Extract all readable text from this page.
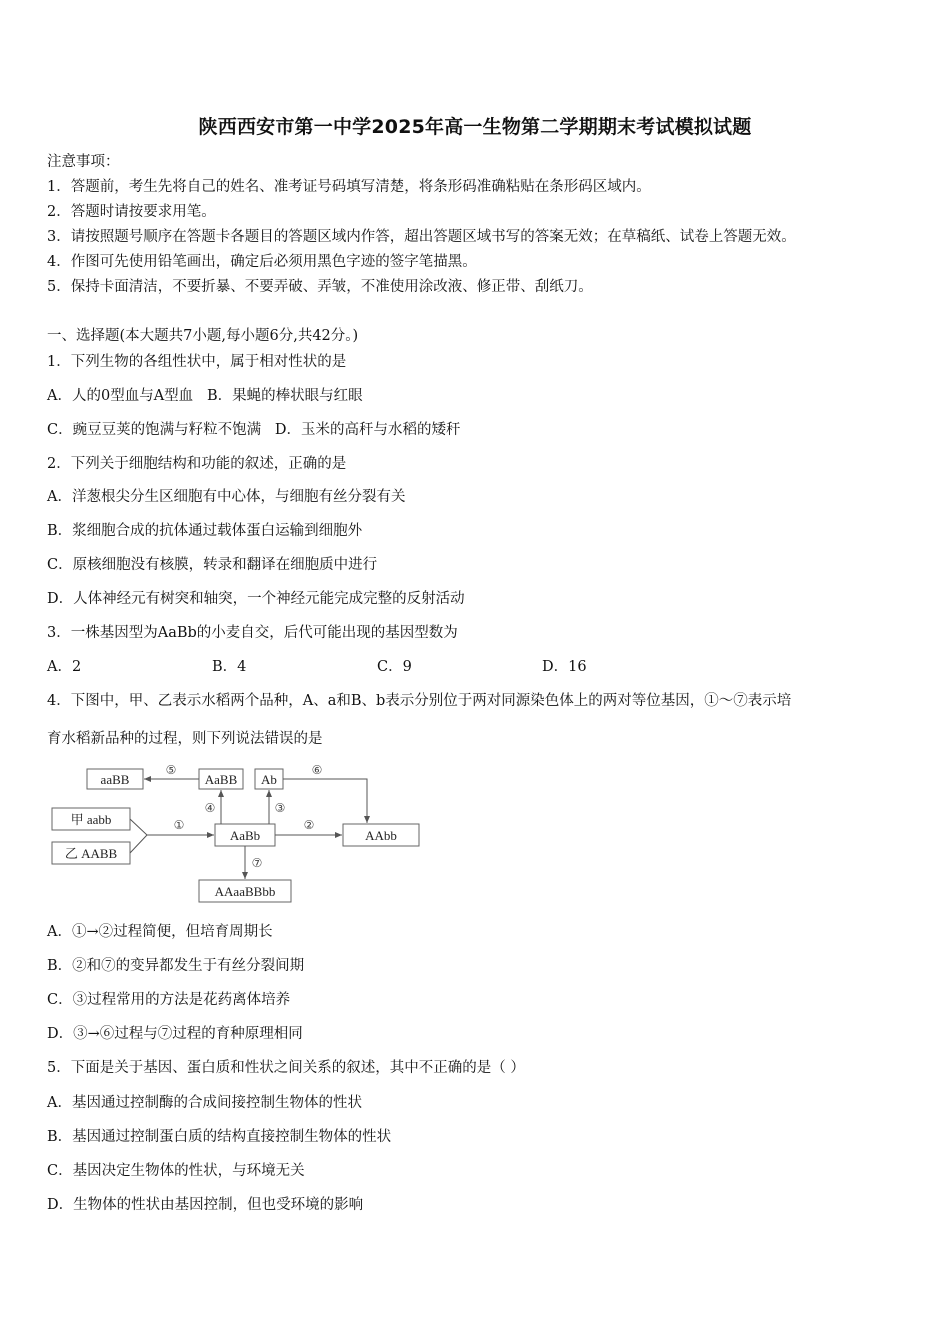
陕西西安市第一中学2025年高一生物第二学期期末考试模拟试题
注意事项：
1．答题前，考生先将自己的姓名、准考证号码填写清楚，将条形码准确粘贴在条形码区域内。
2．答题时请按要求用笔。
3．请按照题号顺序在答题卡各题目的答题区域内作答，超出答题区域书写的答案无效；在草稿纸、试卷上答题无效。
4．作图可先使用铅笔画出，确定后必须用黑色字迹的签字笔描黑。
5．保持卡面清洁，不要折暴、不要弄破、弄皱，不准使用涂改液、修正带、刮纸刀。
一、选择题(本大题共7小题,每小题6分,共42分。)
1．下列生物的各组性状中，属于相对性状的是
A．人的0型血与A型血 B．果蝇的棒状眼与红眼
C．豌豆豆荚的饱满与籽粒不饱满 D．玉米的高秆与水稻的矮秆
2．下列关于细胞结构和功能的叙述，正确的是
A．洋葱根尖分生区细胞有中心体，与细胞有丝分裂有关
B．浆细胞合成的抗体通过载体蛋白运输到细胞外
C．原核细胞没有核膜，转录和翻译在细胞质中进行
D．人体神经元有树突和轴突，一个神经元能完成完整的反射活动
3．一株基因型为AaBb的小麦自交，后代可能出现的基因型数为
A．2	B．4	C．9	D．16
4．下图中，甲、乙表示水稻两个品种，A、a和B、b表示分别位于两对同源染色体上的两对等位基因，①～⑦表示培
育水稻新品种的过程，则下列说法错误的是
aaBB	AaBB Ab
甲 aabb
乙 AABB
AaBb	AAbb
AAaaBBbb
①	②
③
④
⑤	⑥
⑦
A．①→②过程简便，但培育周期长
B．②和⑦的变异都发生于有丝分裂间期
C．③过程常用的方法是花药离体培养
D．③→⑥过程与⑦过程的育种原理相同
5．下面是关于基因、蛋白质和性状之间关系的叙述，其中不正确的是（ ）
A．基因通过控制酶的合成间接控制生物体的性状
B．基因通过控制蛋白质的结构直接控制生物体的性状
C．基因决定生物体的性状，与环境无关
D．生物体的性状由基因控制，但也受环境的影响
